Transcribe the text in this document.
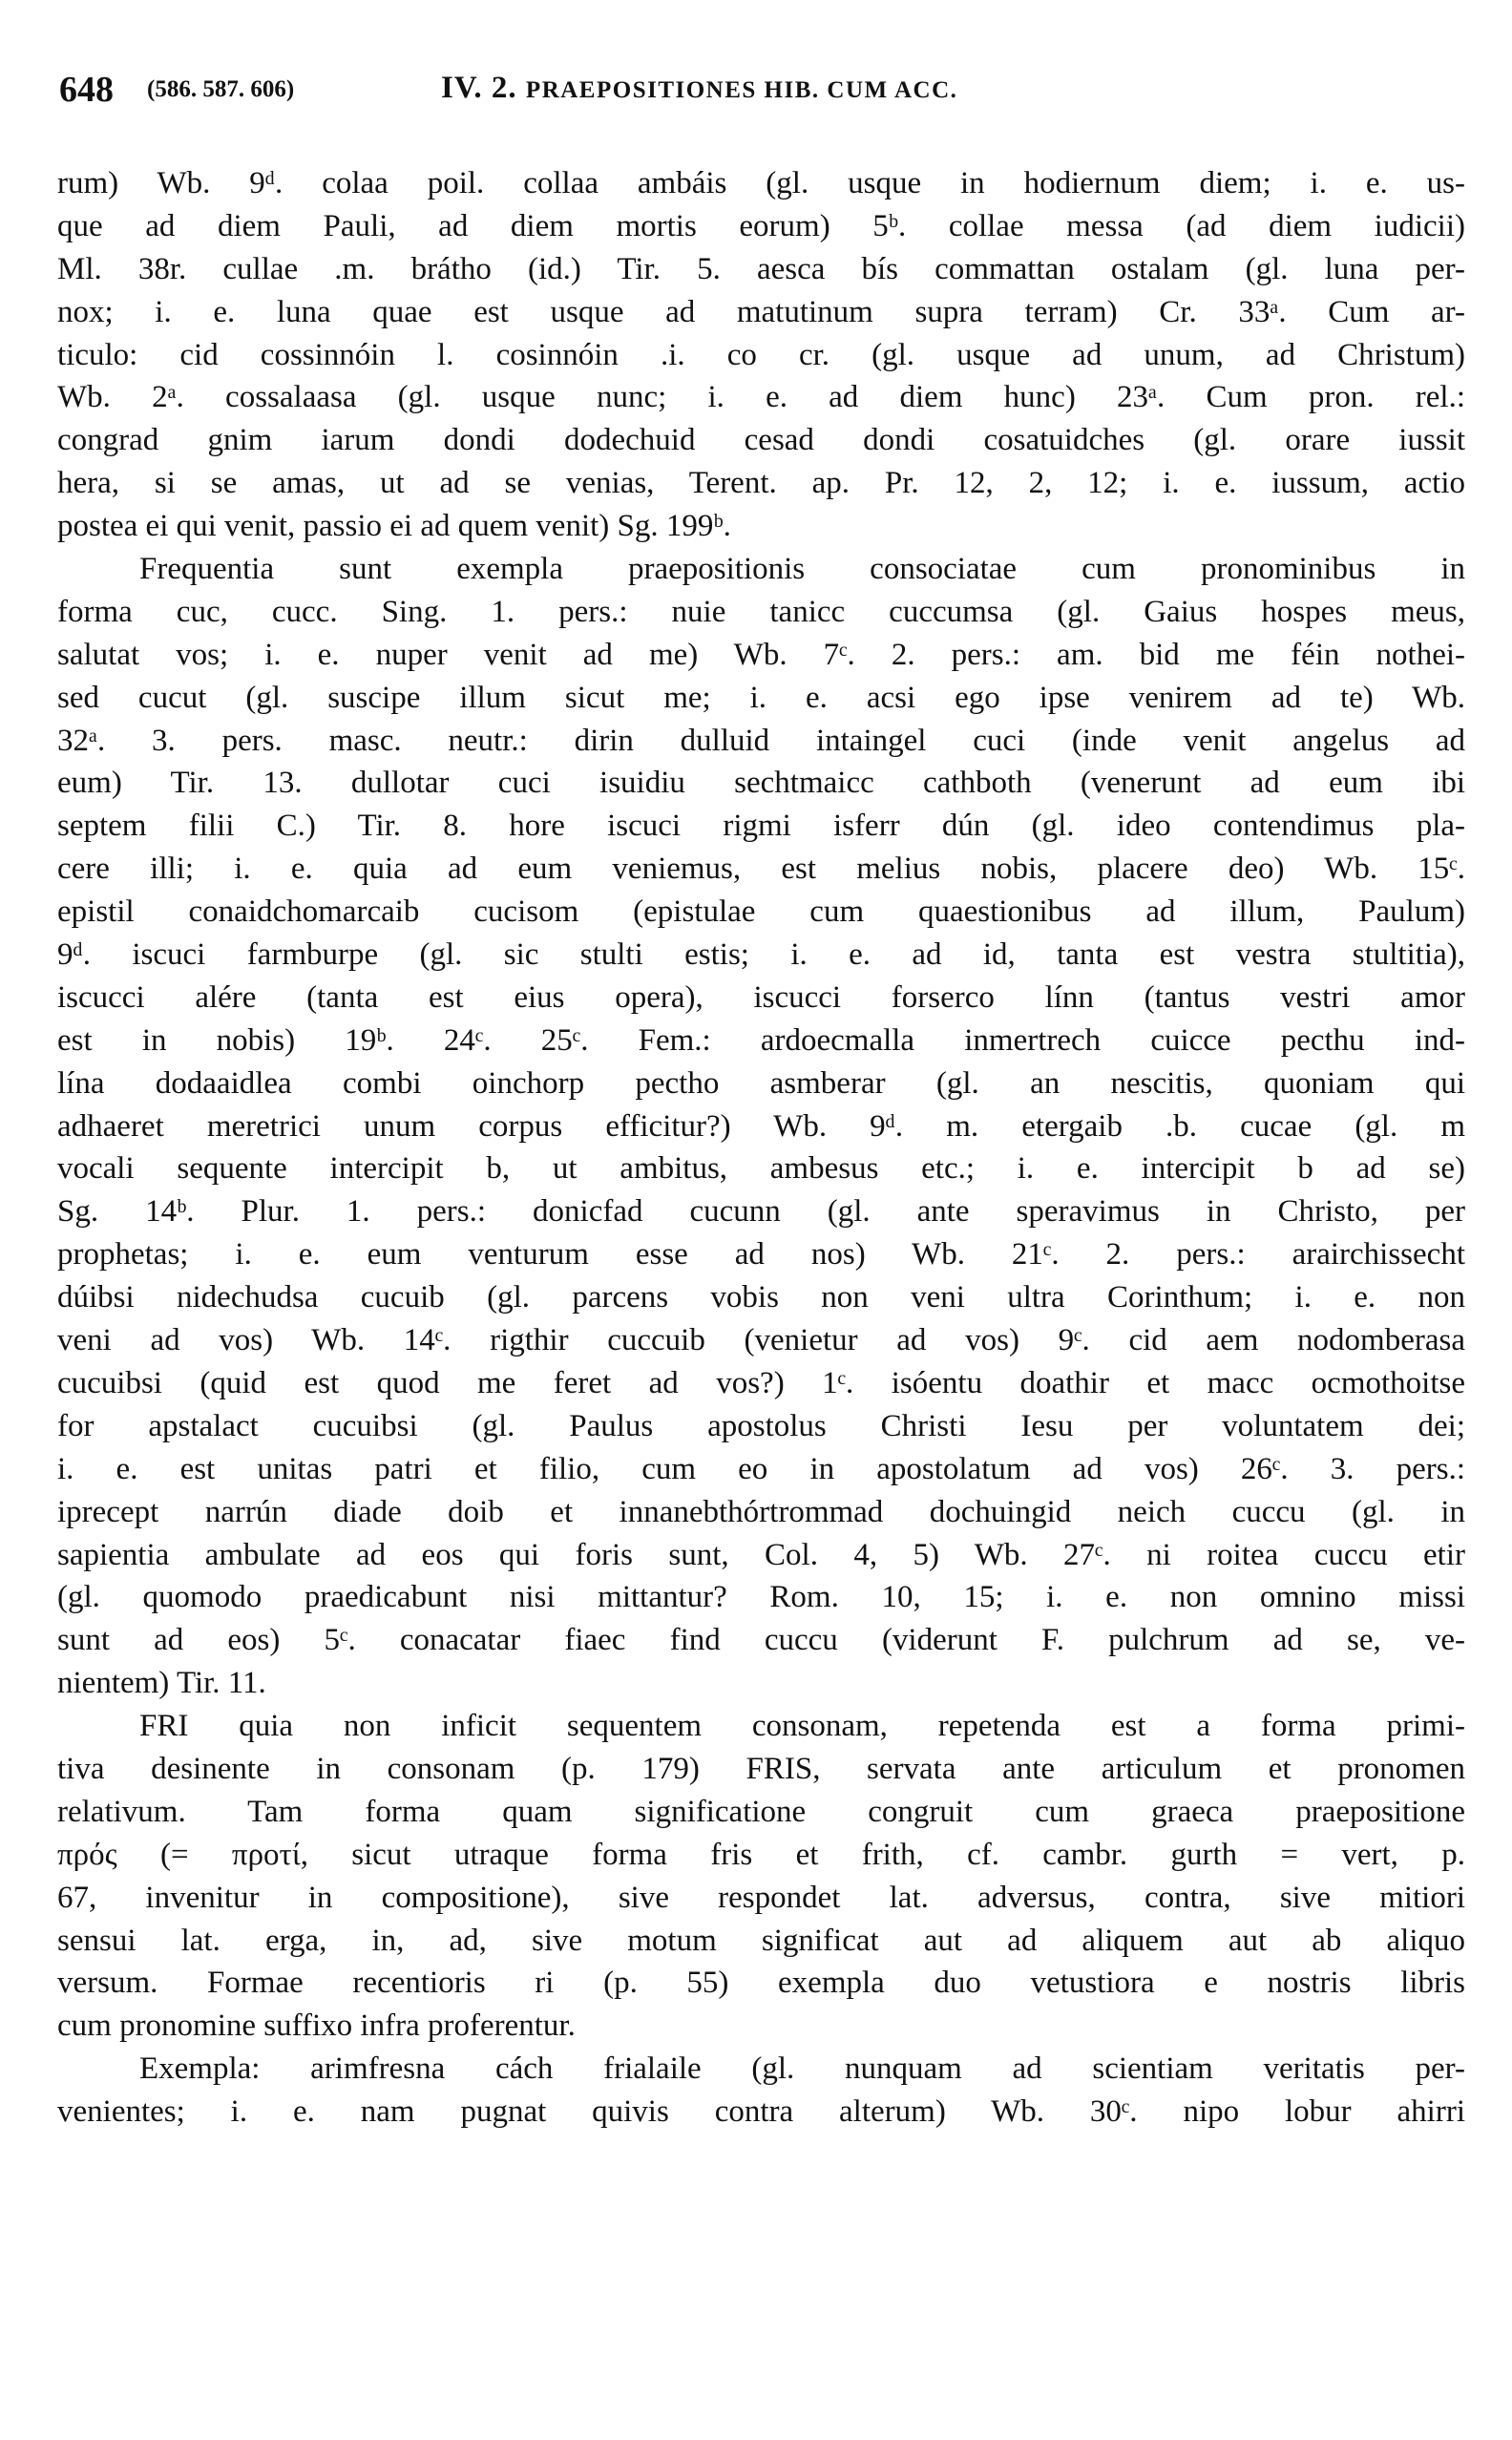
648 (586. 587. 606)	IV. 2. PRAEPOSITIONES HIB. CUM ACC.
rum) Wb. 9ᵈ. colaa poil. collaa ambáis (gl. usque in hodiernum diem; i. e. us-
que ad diem Pauli, ad diem mortis eorum) 5ᵇ. collae messa (ad diem iudicii)
Ml. 38r. cullae .m. brátho (id.) Tir. 5. aesca bís commattan ostalam (gl. luna per-
nox; i. e. luna quae est usque ad matutinum supra terram) Cr. 33ᵃ. Cum ar-
ticulo: cid cossinnóin l. cosinnóin .i. co cr. (gl. usque ad unum, ad Christum)
Wb. 2ᵃ. cossalaasa (gl. usque nunc; i. e. ad diem hunc) 23ᵃ. Cum pron. rel.:
congrad gnim iarum dondi dodechuid cesad dondi cosatuidches (gl. orare iussit
hera, si se amas, ut ad se venias, Terent. ap. Pr. 12, 2, 12; i. e. iussum, actio
postea ei qui venit, passio ei ad quem venit) Sg. 199ᵇ.
Frequentia sunt exempla praepositionis consociatae cum pronominibus in
forma cuc, cucc. Sing. 1. pers.: nuie tanicc cuccumsa (gl. Gaius hospes meus,
salutat vos; i. e. nuper venit ad me) Wb. 7ᶜ. 2. pers.: am. bid me féin nothei-
sed cucut (gl. suscipe illum sicut me; i. e. acsi ego ipse venirem ad te) Wb.
32ᵃ. 3. pers. masc. neutr.: dirin dulluid intaingel cuci (inde venit angelus ad
eum) Tir. 13. dullotar cuci isuidiu sechtmaicc cathboth (venerunt ad eum ibi
septem filii C.) Tir. 8. hore iscuci rigmi isferr dún (gl. ideo contendimus pla-
cere illi; i. e. quia ad eum veniemus, est melius nobis, placere deo) Wb. 15ᶜ.
epistil conaidchomarcaib cucisom (epistulae cum quaestionibus ad illum, Paulum)
9ᵈ. iscuci farmburpe (gl. sic stulti estis; i. e. ad id, tanta est vestra stultitia),
iscucci alére (tanta est eius opera), iscucci forserco línn (tantus vestri amor
est in nobis) 19ᵇ. 24ᶜ. 25ᶜ. Fem.: ardoecmalla inmertrech cuicce pecthu ind-
lína dodaaidlea combi oinchorp pectho asmberar (gl. an nescitis, quoniam qui
adhaeret meretrici unum corpus efficitur?) Wb. 9ᵈ. m. etergaib .b. cucae (gl. m
vocali sequente intercipit b, ut ambitus, ambesus etc.; i. e. intercipit b ad se)
Sg. 14ᵇ. Plur. 1. pers.: donicfad cucunn (gl. ante speravimus in Christo, per
prophetas; i. e. eum venturum esse ad nos) Wb. 21ᶜ. 2. pers.: arairchissecht
dúibsi nidechudsa cucuib (gl. parcens vobis non veni ultra Corinthum; i. e. non
veni ad vos) Wb. 14ᶜ. rigthir cuccuib (venietur ad vos) 9ᶜ. cid aem nodomberasa
cucuibsi (quid est quod me feret ad vos?) 1ᶜ. isóentu doathir et macc ocmothoitse
for apstalact cucuibsi (gl. Paulus apostolus Christi Iesu per voluntatem dei;
i. e. est unitas patri et filio, cum eo in apostolatum ad vos) 26ᶜ. 3. pers.:
iprecept narrún diade doib et innanebthórtrommad dochuingid neich cuccu (gl. in
sapientia ambulate ad eos qui foris sunt, Col. 4, 5) Wb. 27ᶜ. ni roitea cuccu etir
(gl. quomodo praedicabunt nisi mittantur? Rom. 10, 15; i. e. non omnino missi
sunt ad eos) 5ᶜ. conacatar fiaec find cuccu (viderunt F. pulchrum ad se, ve-
nientem) Tir. 11.
FRI quia non inficit sequentem consonam, repetenda est a forma primi-
tiva desinente in consonam (p. 179) FRIS, servata ante articulum et pronomen
relativum. Tam forma quam significatione congruit cum graeca praepositione
πρός (= προτί, sicut utraque forma fris et frith, cf. cambr. gurth = vert, p.
67, invenitur in compositione), sive respondet lat. adversus, contra, sive mitiori
sensui lat. erga, in, ad, sive motum significat aut ad aliquem aut ab aliquo
versum. Formae recentioris ri (p. 55) exempla duo vetustiora e nostris libris
cum pronomine suffixo infra proferentur.
Exempla: arimfresna cách frialaile (gl. nunquam ad scientiam veritatis per-
venientes; i. e. nam pugnat quivis contra alterum) Wb. 30ᶜ. nipo lobur ahirri
